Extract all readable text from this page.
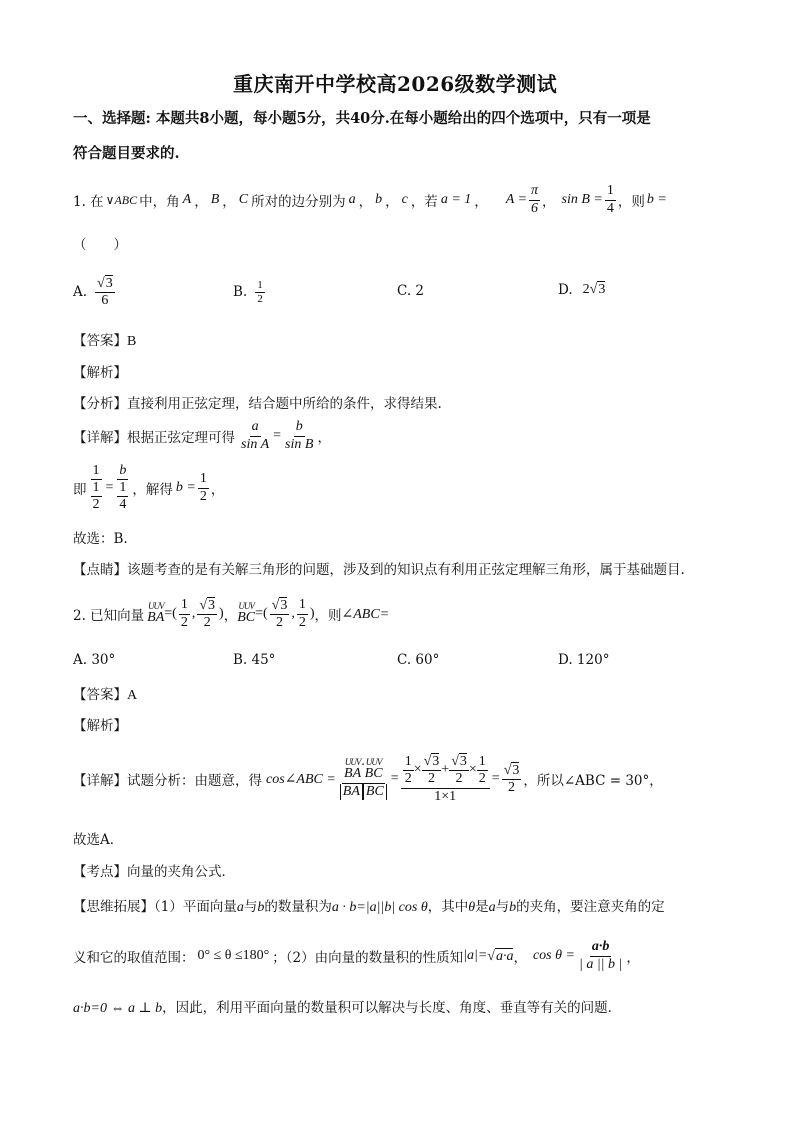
重庆南开中学校高2026级数学测试
一、选择题: 本题共8小题，每小题5分，共40分.在每小题给出的四个选项中，只有一项是
符合题目要求的.
1. 在 ∨ABC 中，角 A ， B ， C 所对的边分别为 a ， b ， c ，若 a = 1 ， $A = \frac{\pi}{6}$ ， $\sin B = \frac{1}{4}$ ，则 b =
（　　）
A. $\frac{√3}{6}$	B. $\frac{1}{2}$	C. 2	D. 2 √3
【答案】B
【解析】
【分析】直接利用正弦定理，结合题中所给的条件，求得结果.
【详解】 根据正弦定理可得 $\frac{a}{\text{sin A}} = \frac{b}{\text{sin B}}$ ，
即 $\frac{1}{\frac{1}{2}} = \frac{b}{\frac{1}{4}}$ ，解得 $b = \frac{1}{2}$ ，
故选：B.
【点睛】该题考查的是有关解三角形的问题，涉及到的知识点有利用正弦定理解三角形，属于基础题目.
2. 已知向量
UUV
BA =( $\frac{1}{2}$ , $\frac{√3}{2}$ ) ，
UUV
BC =( $\frac{√3}{2}$ , $\frac{1}{2}$ ) ，则 ∠ABC=
A. 30°	B. 45°	C. 60°	D. 120°
【答案】A
【解析】
【详解】 试题分析：由题意，得 cos∠ABC = UUV
BA
· UUV
BC
BA BC = $\frac{\frac{1}{2} \times \frac{√3}{2} + \frac{√3}{2} \times \frac{1}{2}}{1\times 1} = \frac{√3}{2}$ ，所以∠ABC = 30°，
故选A．
【考点】向量的夹角公式．
【思维拓展】（1）平面向量a与b的数量积为a · b=|a||b| cos θ，其中θ是a与b的夹角，要注意夹角的定
义和它的取值范围： 0° ≤ θ ≤180° ；（2）由向量的数量积的性质知 |a|= √a·a ， $\cos \theta = \frac{a\cdot b}{| a || b |}$ ，
a·b=0 ⇔ a ⊥ b，因此，利用平面向量的数量积可以解决与长度、角度、垂直等有关的问题．
